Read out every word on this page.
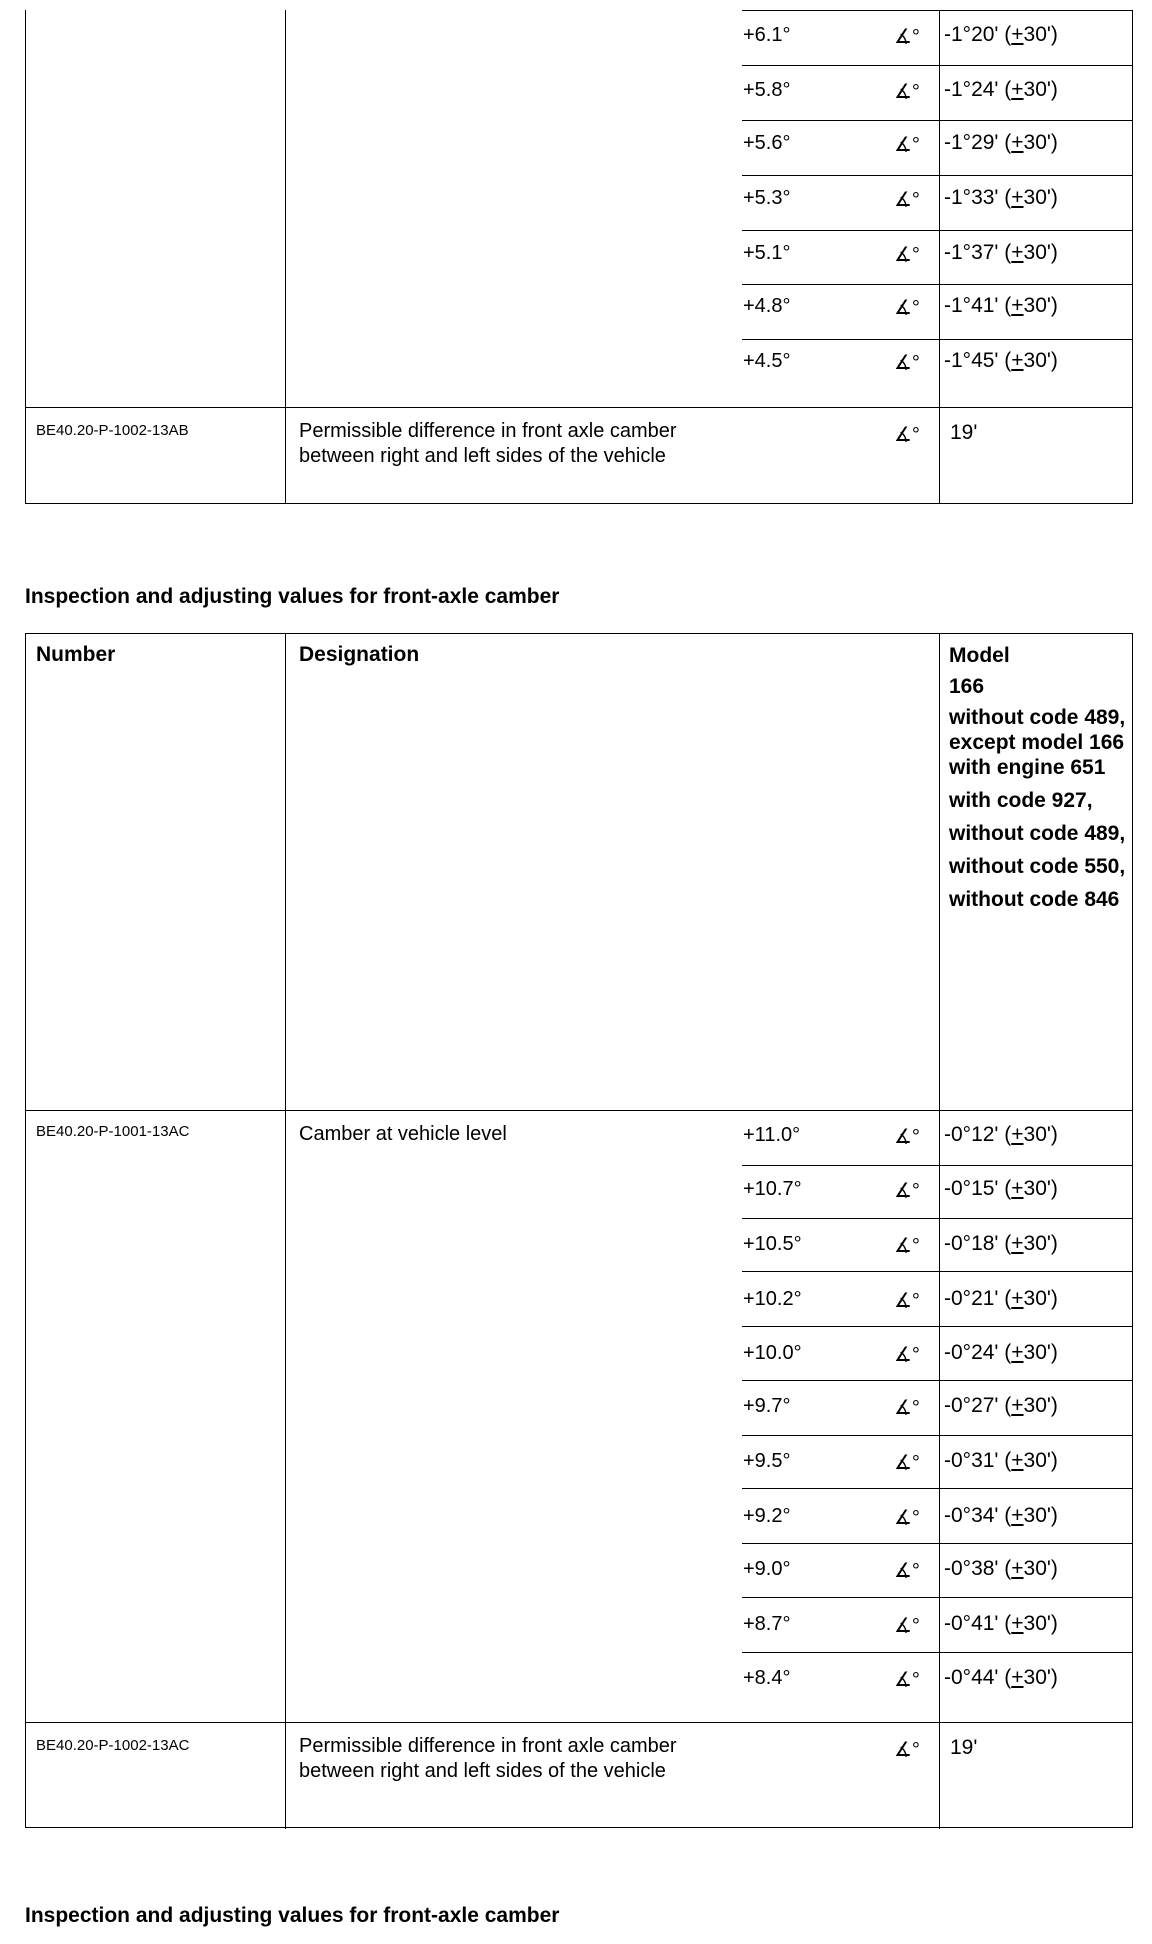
+6.1°	∡° -1°20' (+30')
+5.8°	∡° -1°24' (+30')
+5.6°	∡° -1°29' (+30')
+5.3°	∡° -1°33' (+30')
+5.1°	∡° -1°37' (+30')
+4.8°	∡° -1°41' (+30')
+4.5°	∡° -1°45' (+30')
BE40.20-P-1002-13AB	Permissible difference in front axle camber
between right and left sides of the vehicle
∡° 19'
Inspection and adjusting values for front-axle camber
Number	Designation	Model
166
without code 489, except model 166 with engine 651
with code 927,
without code 489,
without code 550,
without code 846
BE40.20-P-1001-13AC	Camber at vehicle level	+11.0°	∡° -0°12' (+30')
+10.7°	∡° -0°15' (+30')
+10.5°	∡° -0°18' (+30')
+10.2°	∡° -0°21' (+30')
+10.0°	∡° -0°24' (+30')
+9.7°	∡° -0°27' (+30')
+9.5°	∡° -0°31' (+30')
+9.2°	∡° -0°34' (+30')
+9.0°	∡° -0°38' (+30')
+8.7°	∡° -0°41' (+30')
+8.4°	∡° -0°44' (+30')
BE40.20-P-1002-13AC	Permissible difference in front axle camber
between right and left sides of the vehicle
∡° 19'
Inspection and adjusting values for front-axle camber
